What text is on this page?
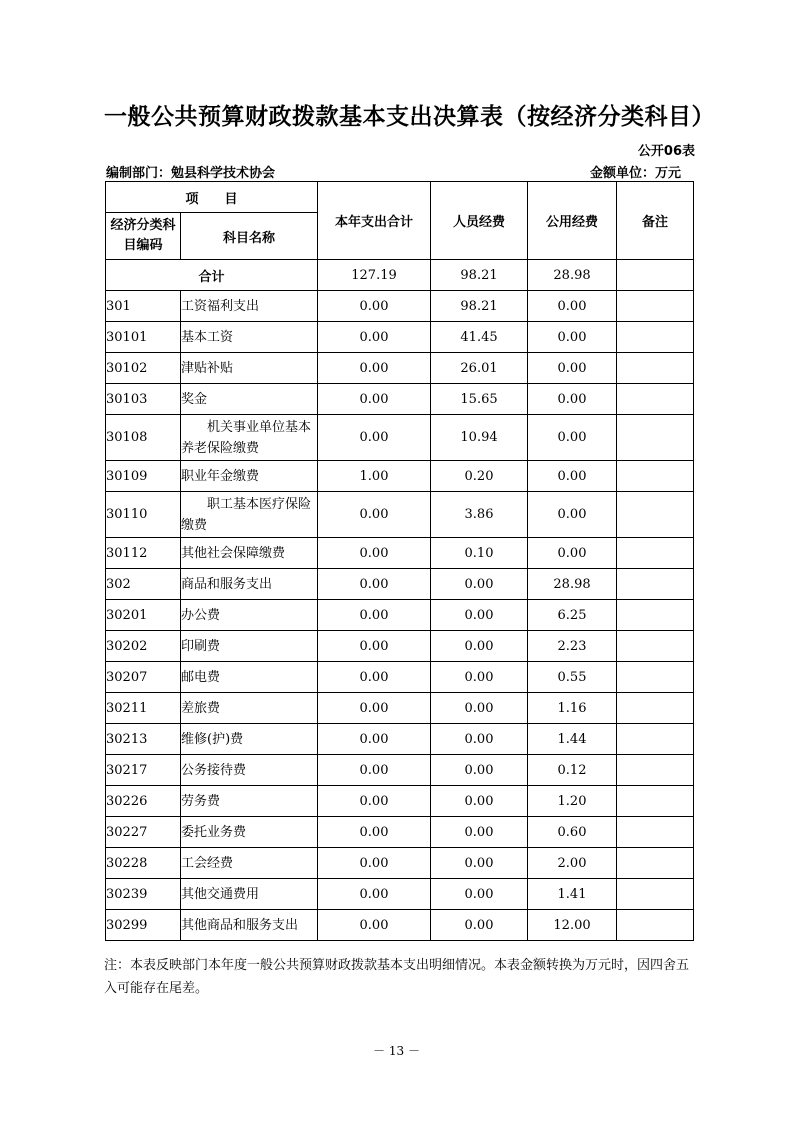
一般公共预算财政拨款基本支出决算表（按经济分类科目）
公开06表
编制部门：勉县科学技术协会	金额单位：万元
项　　目		本年支出合计	人员经费	公用经费	备注
经济分类科目编码	科目名称				
合计		127.19	98.21	28.98	
301	工资福利支出	0.00	98.21	0.00	
30101	基本工资	0.00	41.45	0.00	
30102	津贴补贴	0.00	26.01	0.00	
30103	奖金	0.00	15.65	0.00	
30108	机关事业单位基本养老保险缴费	0.00	10.94	0.00	
30109	职业年金缴费	1.00	0.20	0.00	
30110	职工基本医疗保险缴费	0.00	3.86	0.00	
30112	其他社会保障缴费	0.00	0.10	0.00	
302	商品和服务支出	0.00	0.00	28.98	
30201	办公费	0.00	0.00	6.25	
30202	印刷费	0.00	0.00	2.23	
30207	邮电费	0.00	0.00	0.55	
30211	差旅费	0.00	0.00	1.16	
30213	维修(护)费	0.00	0.00	1.44	
30217	公务接待费	0.00	0.00	0.12	
30226	劳务费	0.00	0.00	1.20	
30227	委托业务费	0.00	0.00	0.60	
30228	工会经费	0.00	0.00	2.00	
30239	其他交通费用	0.00	0.00	1.41	
30299	其他商品和服务支出	0.00	0.00	12.00	
注：本表反映部门本年度一般公共预算财政拨款基本支出明细情况。本表金额转换为万元时，因四舍五入可能存在尾差。
－ 13 －
